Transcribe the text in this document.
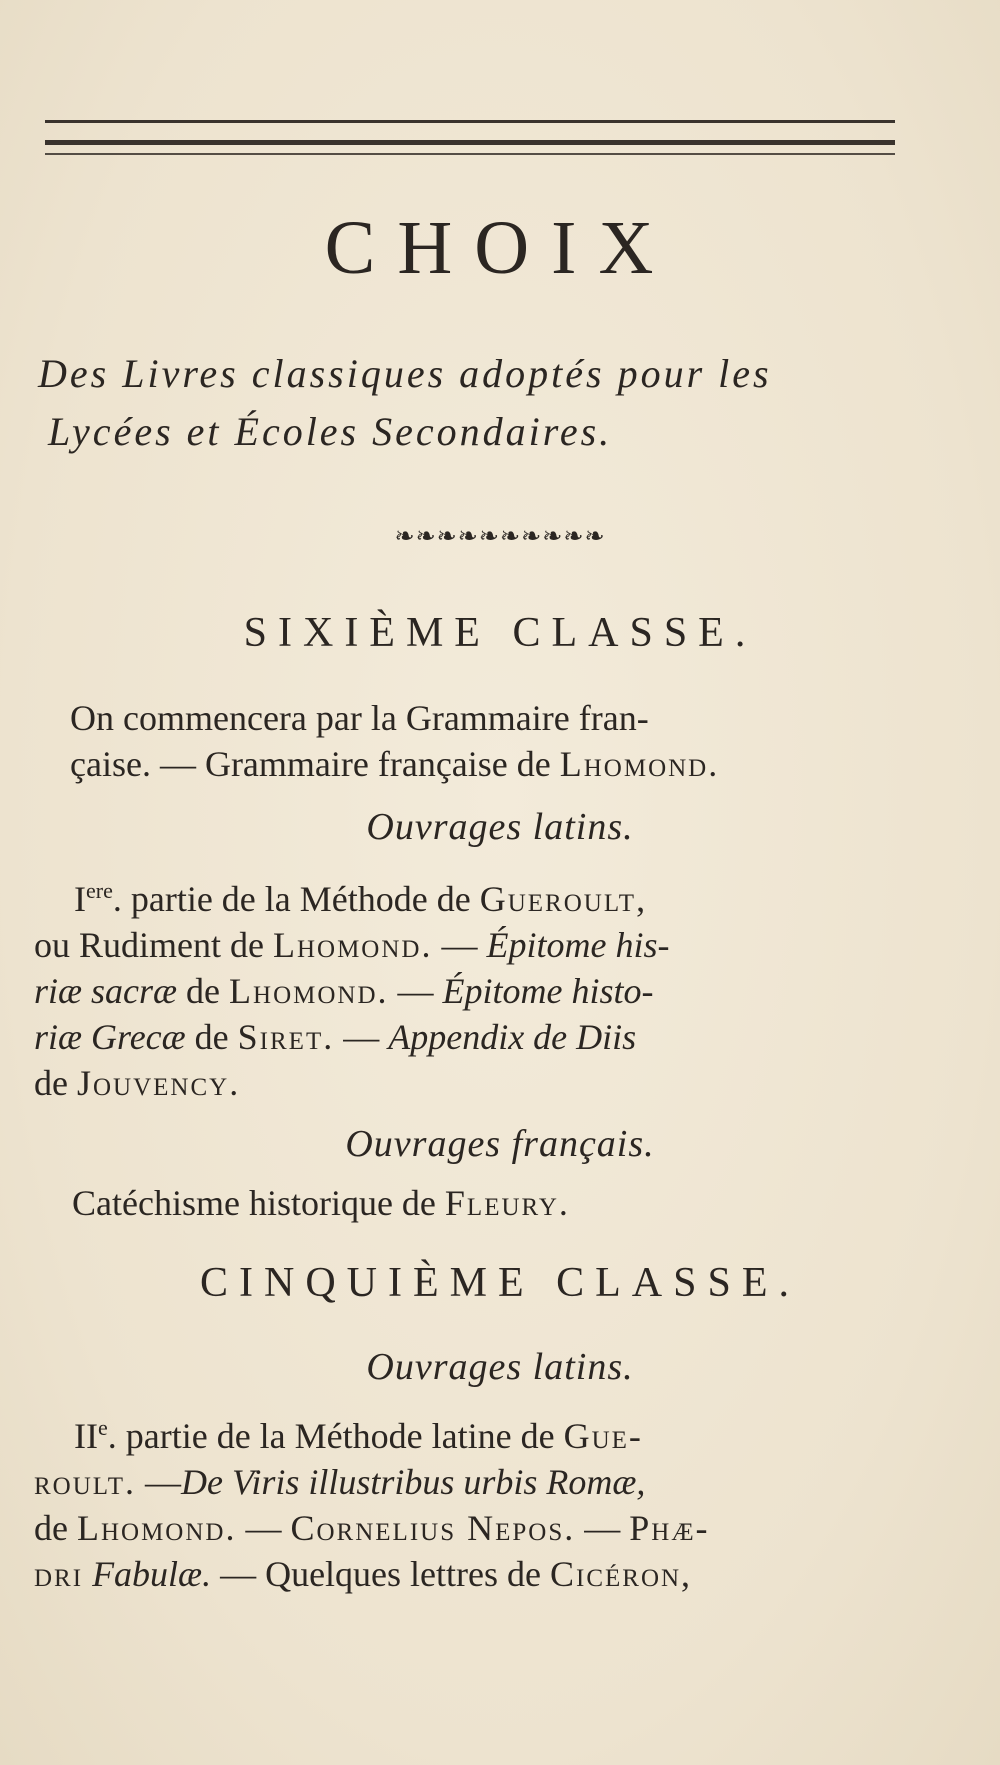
CHOIX
Des Livres classiques adoptés pour les
Lycées et Écoles Secondaires.
❧❧❧❧❧❧❧❧❧❧
SIXIÈME CLASSE.
On commencera par la Grammaire fran-
çaise. — Grammaire française de Lhomond.
Ouvrages latins.
Iere. partie de la Méthode de Gueroult,
ou Rudiment de Lhomond. — Épitome his-
riæ sacræ de Lhomond. — Épitome histo-
riæ Grecæ de Siret. — Appendix de Diis
de Jouvency.
Ouvrages français.
Catéchisme historique de Fleury.
CINQUIÈME CLASSE.
Ouvrages latins.
IIe. partie de la Méthode latine de Gue-
roult. —De Viris illustribus urbis Romæ,
de Lhomond. — Cornelius Nepos. — Phæ-
dri Fabulæ. — Quelques lettres de Cicéron,
